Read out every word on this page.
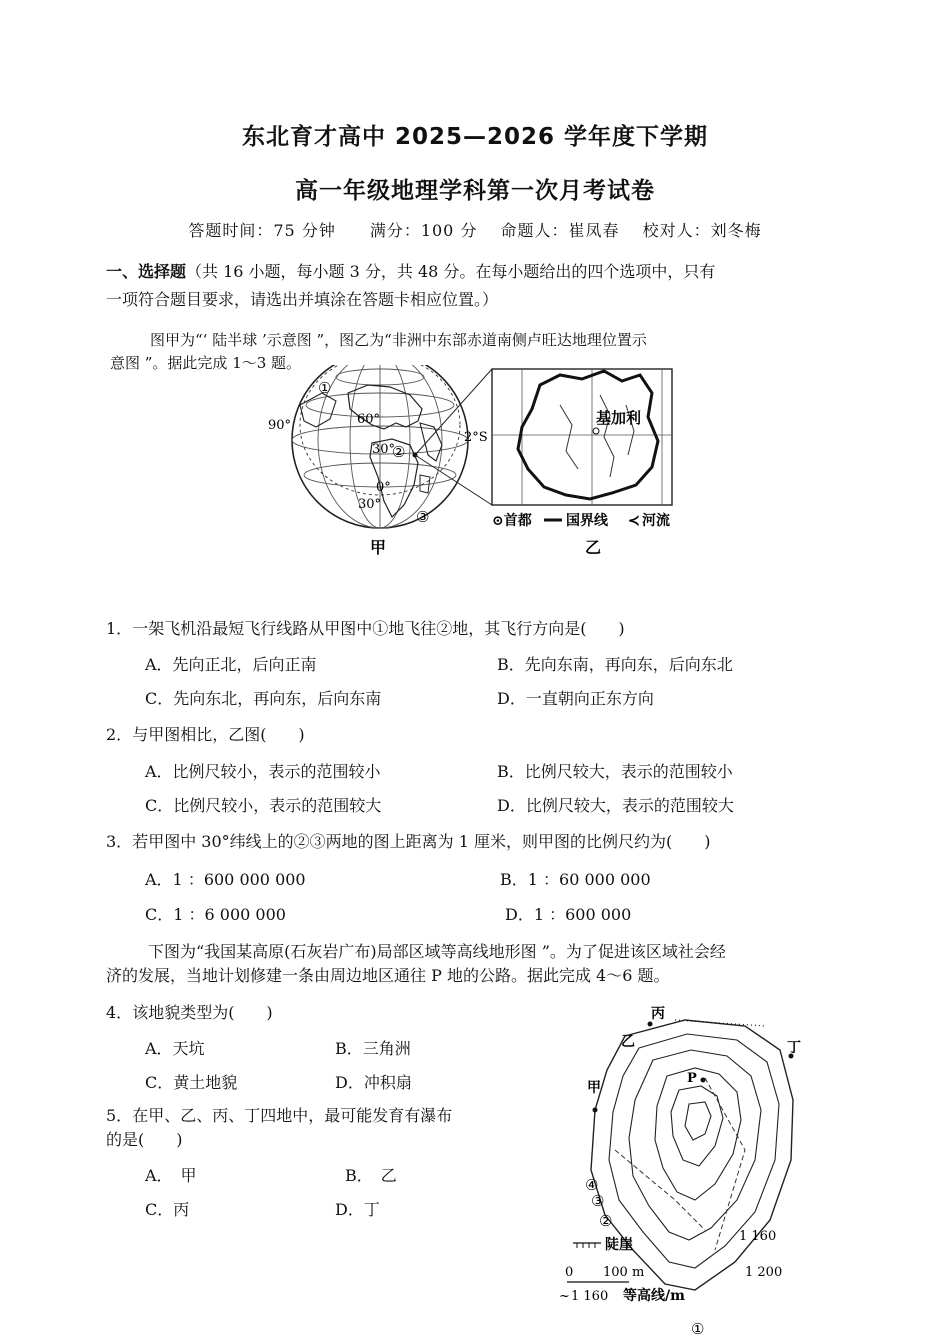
东北育才高中 2025—2026 学年度下学期
高一年级地理学科第一次月考试卷
答题时间：75 分钟　　满分：100 分　 命题人：崔凤春　 校对人：刘冬梅
一、选择题（共 16 小题，每小题 3 分，共 48 分。在每小题给出的四个选项中，只有
一项符合题目要求，请选出并填涂在答题卡相应位置。）
图甲为“‘ 陆半球 ’示意图 ”，图乙为“非洲中东部赤道南侧卢旺达地理位置示
意图 ”。据此完成 1～3 题。
①
60°
30°
②
90°
0°
30°
③
2°S
基加利
⊙首都 国界线 ≺ 河流
甲	乙
1．一架飞机沿最短飞行线路从甲图中①地飞往②地，其飞行方向是(　　)
A．先向正北，后向正南	B．先向东南，再向东，后向东北
C．先向东北，再向东，后向东南	D．一直朝向正东方向
2．与甲图相比，乙图(　　)
A．比例尺较小，表示的范围较小	B．比例尺较大，表示的范围较小
C．比例尺较小，表示的范围较大	D．比例尺较大，表示的范围较大
3．若甲图中 30°纬线上的②③两地的图上距离为 1 厘米，则甲图的比例尺约为(　　)
A．1 ：600 000 000	B．1 ：60 000 000
C．1 ：6 000 000	D．1 ：600 000
下图为“我国某高原(石灰岩广布)局部区域等高线地形图 ”。为了促进该区域社会经
济的发展，当地计划修建一条由周边地区通往 P 地的公路。据此完成 4～6 题。
4．该地貌类型为(　　)
A．天坑	B．三角洲
C．黄土地貌	D．冲积扇
5．在甲、乙、丙、丁四地中，最可能发育有瀑布
的是(　　)
A．　甲	B．　乙
C．丙	D．丁
丙
乙	丁
甲
P
④
③
②
①
1 160
1 200
陡崖
0 100 m
~ 1 160 等高线/m
